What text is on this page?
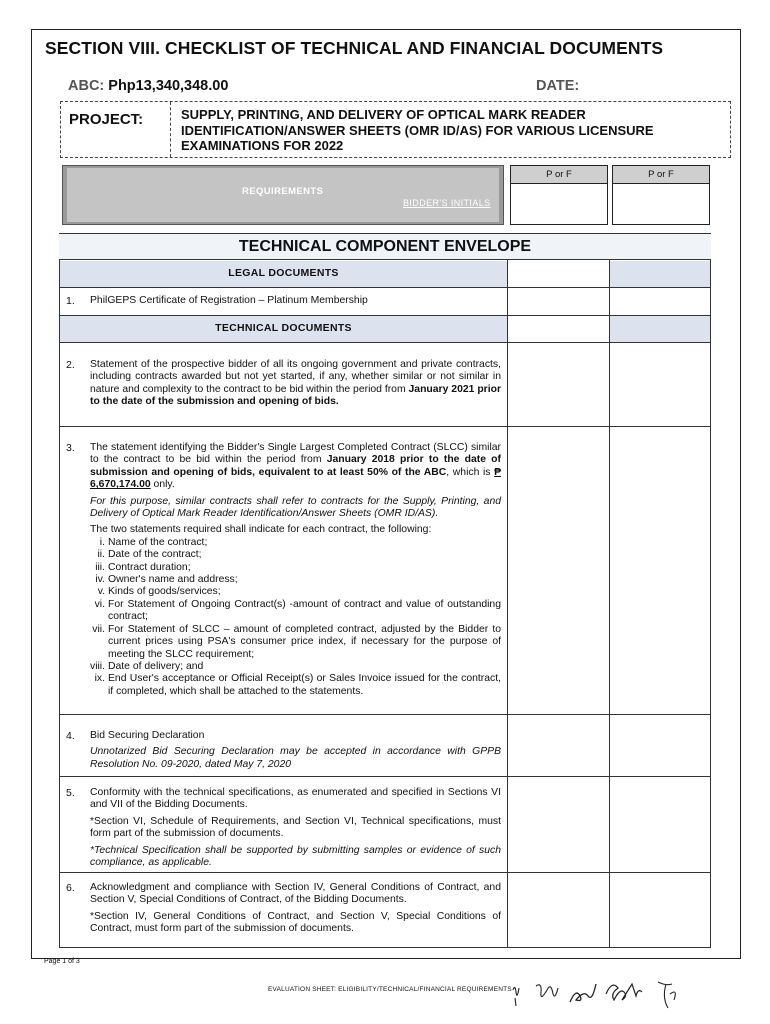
SECTION VIII. CHECKLIST OF TECHNICAL AND FINANCIAL DOCUMENTS
ABC: Php13,340,348.00	DATE:
PROJECT:	SUPPLY, PRINTING, AND DELIVERY OF OPTICAL MARK READER IDENTIFICATION/ANSWER SHEETS (OMR ID/AS) FOR VARIOUS LICENSURE EXAMINATIONS FOR 2022
REQUIREMENTS
BIDDER'S INITIALS
P or F	P or F
TECHNICAL COMPONENT ENVELOPE
LEGAL DOCUMENTS
TECHNICAL DOCUMENTS
1. PhilGEPS Certificate of Registration – Platinum Membership
2. Statement of the prospective bidder of all its ongoing government and private contracts, including contracts awarded but not yet started, if any, whether similar or not similar in nature and complexity to the contract to be bid within the period from January 2021 prior to the date of the submission and opening of bids.
3. The statement identifying the Bidder's Single Largest Completed Contract (SLCC) similar to the contract to be bid within the period from January 2018 prior to the date of submission and opening of bids, equivalent to at least 50% of the ABC, which is ₱ 6,670,174.00 only.

For this purpose, similar contracts shall refer to contracts for the Supply, Printing, and Delivery of Optical Mark Reader Identification/Answer Sheets (OMR ID/AS).

The two statements required shall indicate for each contract, the following:
i. Name of the contract;
ii. Date of the contract;
iii. Contract duration;
iv. Owner's name and address;
v. Kinds of goods/services;
vi. For Statement of Ongoing Contract(s) -amount of contract and value of outstanding contract;
vii. For Statement of SLCC – amount of completed contract, adjusted by the Bidder to current prices using PSA's consumer price index, if necessary for the purpose of meeting the SLCC requirement;
viii. Date of delivery; and
ix. End User's acceptance or Official Receipt(s) or Sales Invoice issued for the contract, if completed, which shall be attached to the statements.
4. Bid Securing Declaration

Unnotarized Bid Securing Declaration may be accepted in accordance with GPPB Resolution No. 09-2020, dated May 7, 2020

5. Conformity with the technical specifications, as enumerated and specified in Sections VI and VII of the Bidding Documents.

*Section VI, Schedule of Requirements, and Section VI, Technical specifications, must form part of the submission of documents.

*Technical Specification shall be supported by submitting samples or evidence of such compliance, as applicable.

6. Acknowledgment and compliance with Section IV, General Conditions of Contract, and Section V, Special Conditions of Contract, of the Bidding Documents.

*Section IV, General Conditions of Contract, and Section V, Special Conditions of Contract, must form part of the submission of documents.

Page 1 of 3
EVALUATION SHEET: ELIGIBILITY/TECHNICAL/FINANCIAL REQUIREMENTS
